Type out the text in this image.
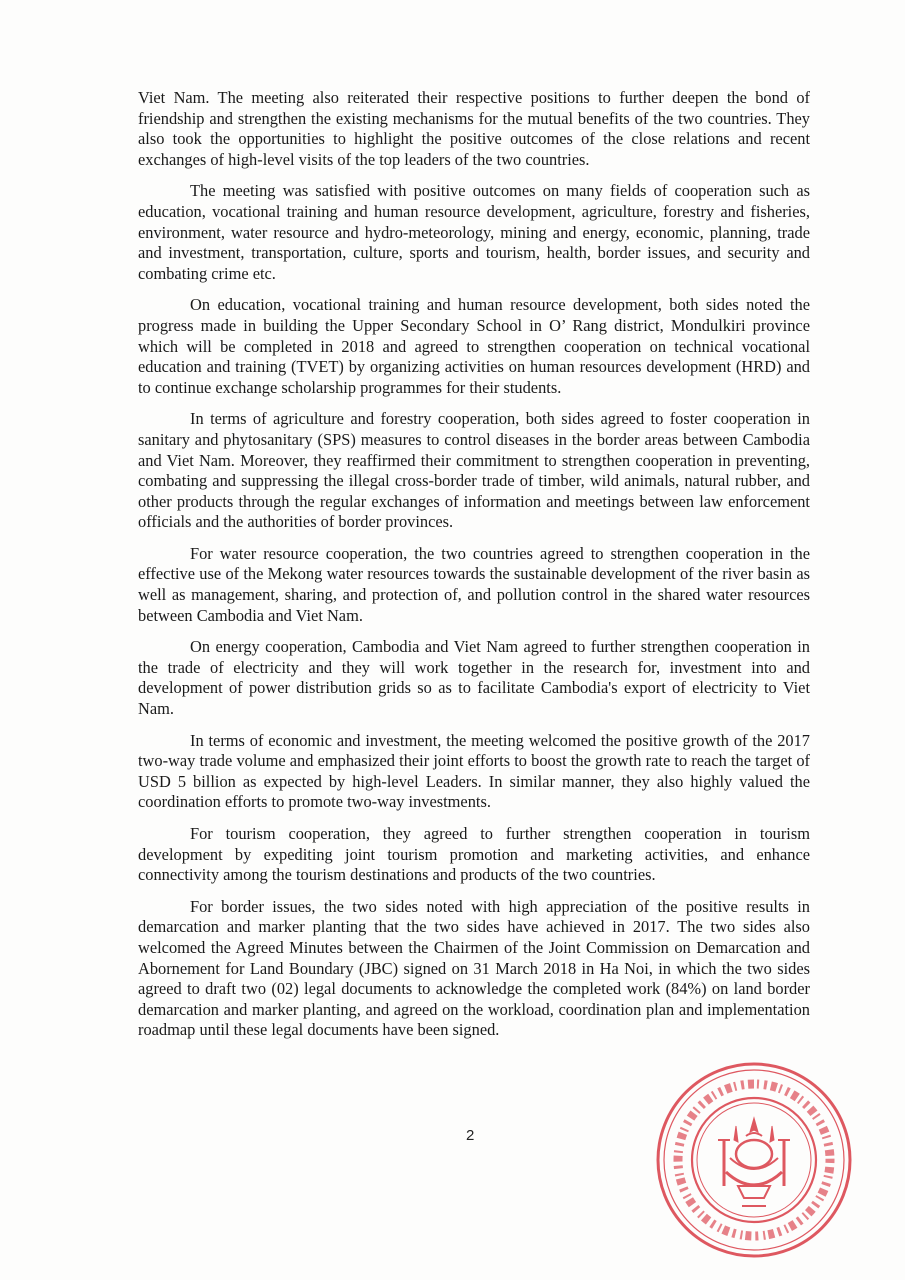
Viet Nam. The meeting also reiterated their respective positions to further deepen the bond of friendship and strengthen the existing mechanisms for the mutual benefits of the two countries. They also took the opportunities to highlight the positive outcomes of the close relations and recent exchanges of high-level visits of the top leaders of the two countries.

The meeting was satisfied with positive outcomes on many fields of cooperation such as education, vocational training and human resource development, agriculture, forestry and fisheries, environment, water resource and hydro-meteorology, mining and energy, economic, planning, trade and investment, transportation, culture, sports and tourism, health, border issues, and security and combating crime etc.

On education, vocational training and human resource development, both sides noted the progress made in building the Upper Secondary School in O’ Rang district, Mondulkiri province which will be completed in 2018 and agreed to strengthen cooperation on technical vocational education and training (TVET) by organizing activities on human resources development (HRD) and to continue exchange scholarship programmes for their students.

In terms of agriculture and forestry cooperation, both sides agreed to foster cooperation in sanitary and phytosanitary (SPS) measures to control diseases in the border areas between Cambodia and Viet Nam. Moreover, they reaffirmed their commitment to strengthen cooperation in preventing, combating and suppressing the illegal cross-border trade of timber, wild animals, natural rubber, and other products through the regular exchanges of information and meetings between law enforcement officials and the authorities of border provinces.

For water resource cooperation, the two countries agreed to strengthen cooperation in the effective use of the Mekong water resources towards the sustainable development of the river basin as well as management, sharing, and protection of, and pollution control in the shared water resources between Cambodia and Viet Nam.

On energy cooperation, Cambodia and Viet Nam agreed to further strengthen cooperation in the trade of electricity and they will work together in the research for, investment into and development of power distribution grids so as to facilitate Cambodia's export of electricity to Viet Nam.

In terms of economic and investment, the meeting welcomed the positive growth of the 2017 two-way trade volume and emphasized their joint efforts to boost the growth rate to reach the target of USD 5 billion as expected by high-level Leaders. In similar manner, they also highly valued the coordination efforts to promote two-way investments.

For tourism cooperation, they agreed to further strengthen cooperation in tourism development by expediting joint tourism promotion and marketing activities, and enhance connectivity among the tourism destinations and products of the two countries.

For border issues, the two sides noted with high appreciation of the positive results in demarcation and marker planting that the two sides have achieved in 2017. The two sides also welcomed the Agreed Minutes between the Chairmen of the Joint Commission on Demarcation and Abornement for Land Boundary (JBC) signed on 31 March 2018 in Ha Noi, in which the two sides agreed to draft two (02) legal documents to acknowledge the completed work (84%) on land border demarcation and marker planting, and agreed on the workload, coordination plan and implementation roadmap until these legal documents have been signed.

2
